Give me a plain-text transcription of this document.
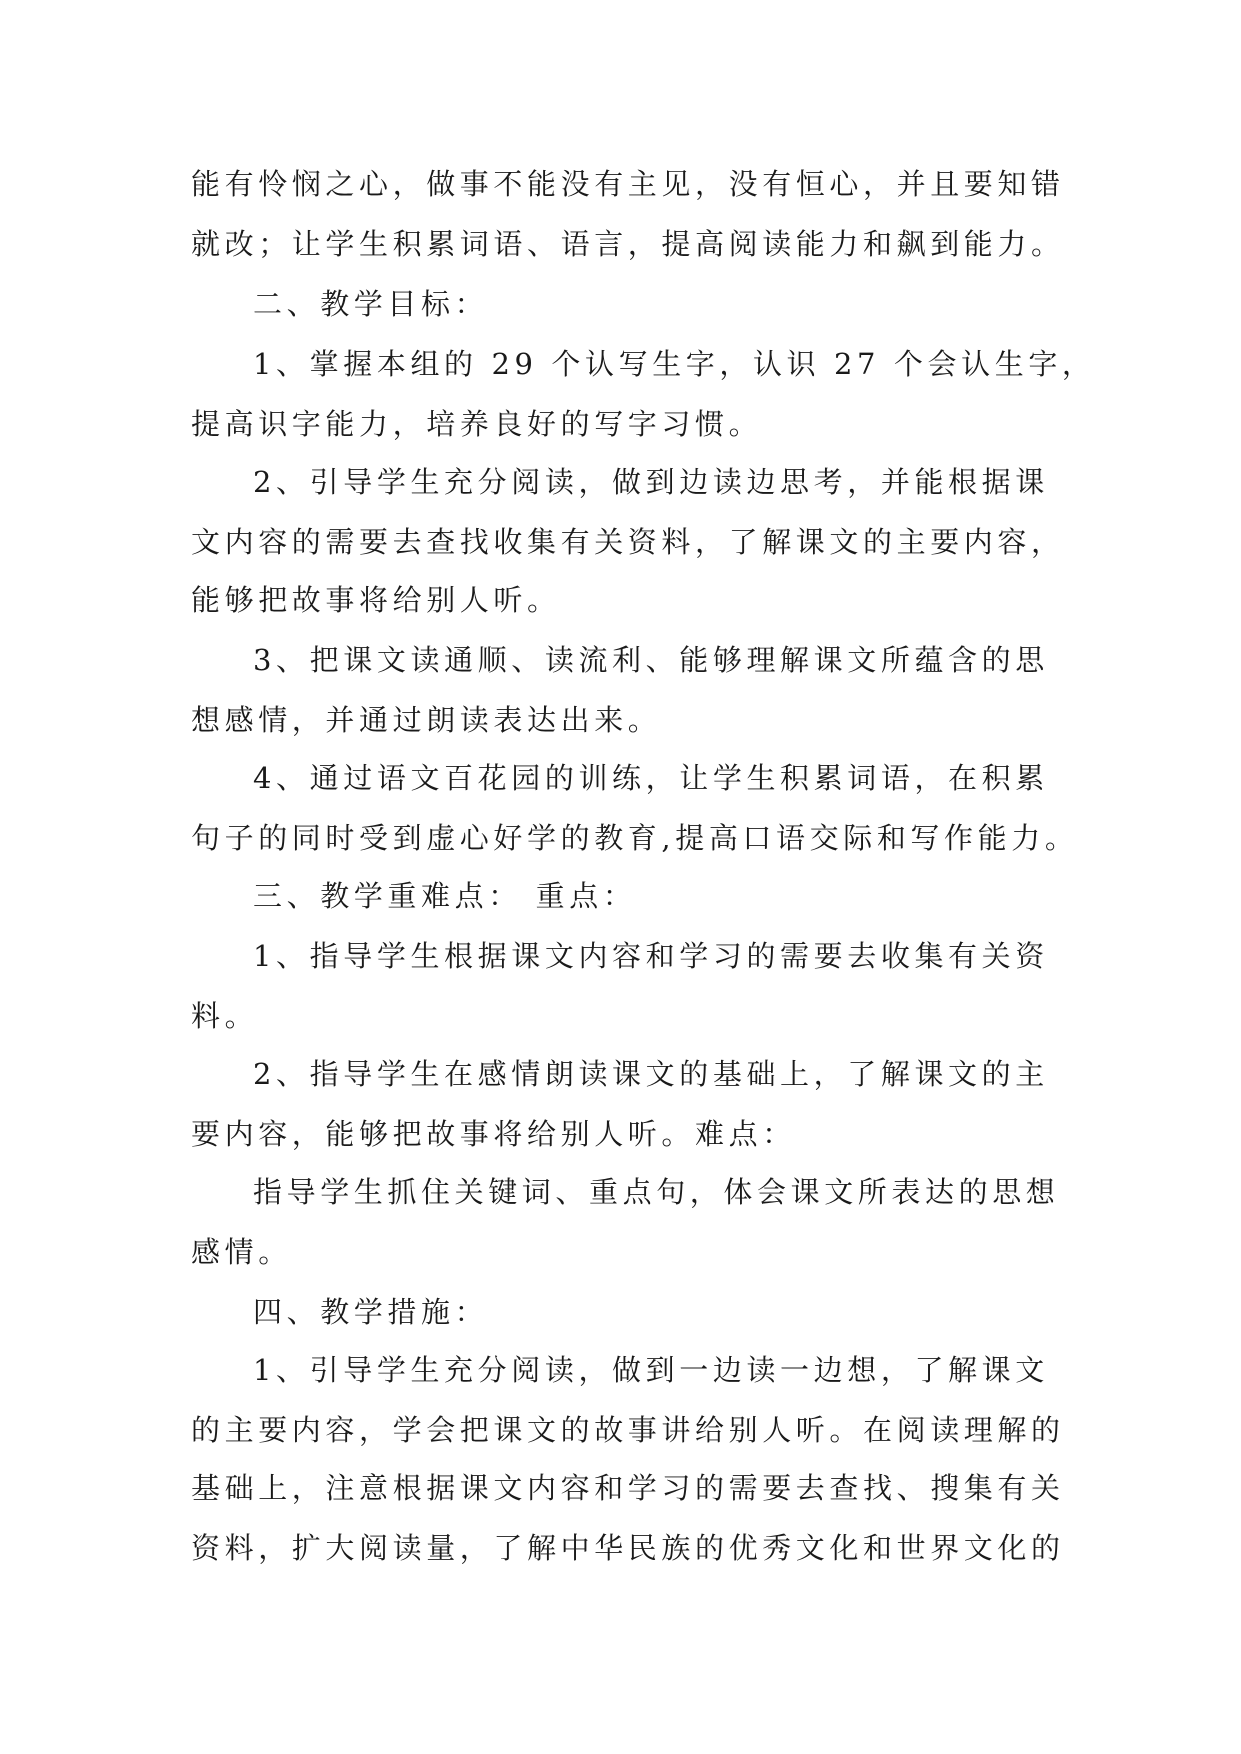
能有怜悯之心，做事不能没有主见，没有恒心，并且要知错

就改；让学生积累词语、语言，提高阅读能力和飙到能力。

二、教学目标：

1、掌握本组的 29 个认写生字，认识 27 个会认生字，

提高识字能力，培养良好的写字习惯。

2、引导学生充分阅读，做到边读边思考，并能根据课

文内容的需要去查找收集有关资料，了解课文的主要内容，

能够把故事将给别人听。

3、把课文读通顺、读流利、能够理解课文所蕴含的思

想感情，并通过朗读表达出来。

4、通过语文百花园的训练，让学生积累词语，在积累

句子的同时受到虚心好学的教育,提高口语交际和写作能力。

三、教学重难点： 重点：

1、指导学生根据课文内容和学习的需要去收集有关资

料。

2、指导学生在感情朗读课文的基础上，了解课文的主

要内容，能够把故事将给别人听。难点：

指导学生抓住关键词、重点句，体会课文所表达的思想

感情。

四、教学措施：

1、引导学生充分阅读，做到一边读一边想，了解课文

的主要内容，学会把课文的故事讲给别人听。在阅读理解的

基础上，注意根据课文内容和学习的需要去查找、搜集有关

资料，扩大阅读量，了解中华民族的优秀文化和世界文化的
